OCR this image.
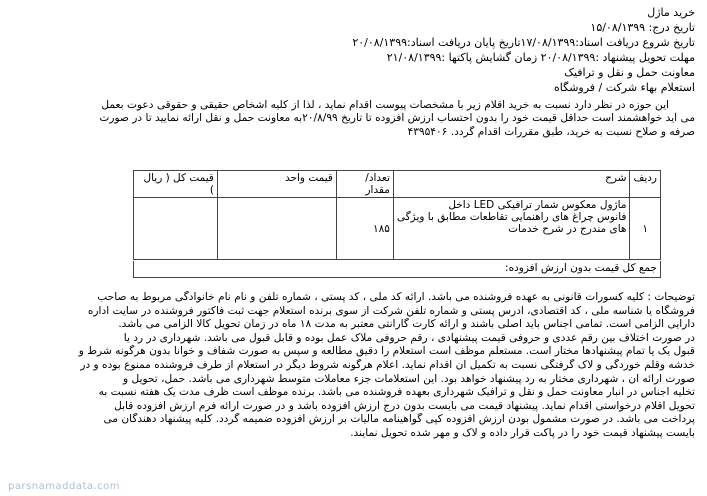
خرید ماژل
تاریخ درج: ۱۵/۰۸/۱۳۹۹
تاریخ شروع دریافت اسناد:۱۷/۰۸/۱۳۹۹تاریخ پایان دریافت اسناد:۲۰/۰۸/۱۳۹۹
مهلت تحویل پیشنهاد :۲۰/۰۸/۱۳۹۹ زمان گشایش پاکتها :۲۱/۰۸/۱۳۹۹
معاونت حمل و نقل و ترافیک
استعلام بهاء شرکت / فروشگاه
این حوزه در نظر دارد نسبت به خرید اقلام زیر با مشخصات پیوست اقدام نماید ، لذا از کلیه اشخاص حقیقی و حقوقی دعوت بعمل
می آید خواهشمند است حداقل قیمت خود را بدون احتساب ارزش افزوده تا تاریخ ۲۰/۸/۹۹به معاونت حمل و نقل ارائه نمایید تا در صورت
صرفه و صلاح نسبت به خرید، طبق مقررات اقدام گردد. ۴۳۹۵۴۰۶
ردیف	شرح	تعداد/ مقدار	قیمت واحد	قیمت کل ( ریال )
۱	ماژول معکوس شمار ترافیکی LED داخل
فانوس چراغ های راهنمایی تقاطعات مطابق با ویژگی
های مندرج در شرح خدمات	۱۸۵		
جمع کل قیمت بدون ارزش افزوده:
توضیحات : کلیه کسورات قانونی به عهده فروشنده می باشد. ارائه کد ملی ، کد پستی ، شماره تلفن و نام نام خانوادگی مربوط به صاحب
فروشگاه یا شناسه ملی ، کد اقتصادی، آدرس پستی و شماره تلفن شرکت از سوی برنده استعلام جهت ثبت فاکتور فروشنده در سایت اداره
دارایی الزامی است. تمامی اجناس باید اصلی باشند و ارائه کارت گارانتی معتبر به مدت ۱۸ ماه در زمان تحویل کالا الزامی می باشد.
در صورت اختلاف بین رقم عددی و حروفی قیمت پیشنهادی ، رقم حروفی ملاک عمل بوده و قابل قبول می باشد. شهرداری در رد یا
قبول یک یا تمام پیشنهادها مختار است. مستعلم موظف است استعلام را دقیق مطالعه و سپس به صورت شفاف و خوانا بدون هرگونه شرط و
خدشه وقلم خوردگی و لاک گرفتگی نسبت به تکمیل آن اقدام نماید. اعلام هرگونه شروط دیگر در استعلام از طرف فروشنده ممنوع بوده و در
صورت ارائه آن ، شهرداری مختار به رد پیشنهاد خواهد بود. این استعلامات جزء معاملات متوسط شهرداری می باشد. حمل، تحویل و
تخلیه اجناس در انبار معاونت حمل و نقل و ترافیک شهرداری بعهده فروشنده می باشد. برنده موظف است ظرف مدت یک هفته نسبت به
تحویل اقلام درخواستی اقدام نماید. پیشنهاد قیمت می بایست بدون درج ارزش افزوده باشد و در صورت ارائه فرم ارزش افزوده قابل
پرداخت می باشد. در صورت مشمول بودن ارزش افزوده کپی گواهینامه مالیات بر ارزش افزوده ضمیمه گردد. کلیه پیشنهاد دهندگان می
بایست پیشنهاد قیمت خود را در پاکت قرار داده و لاک و مهر شده تحویل نمایند.
parsnamaddata.com
